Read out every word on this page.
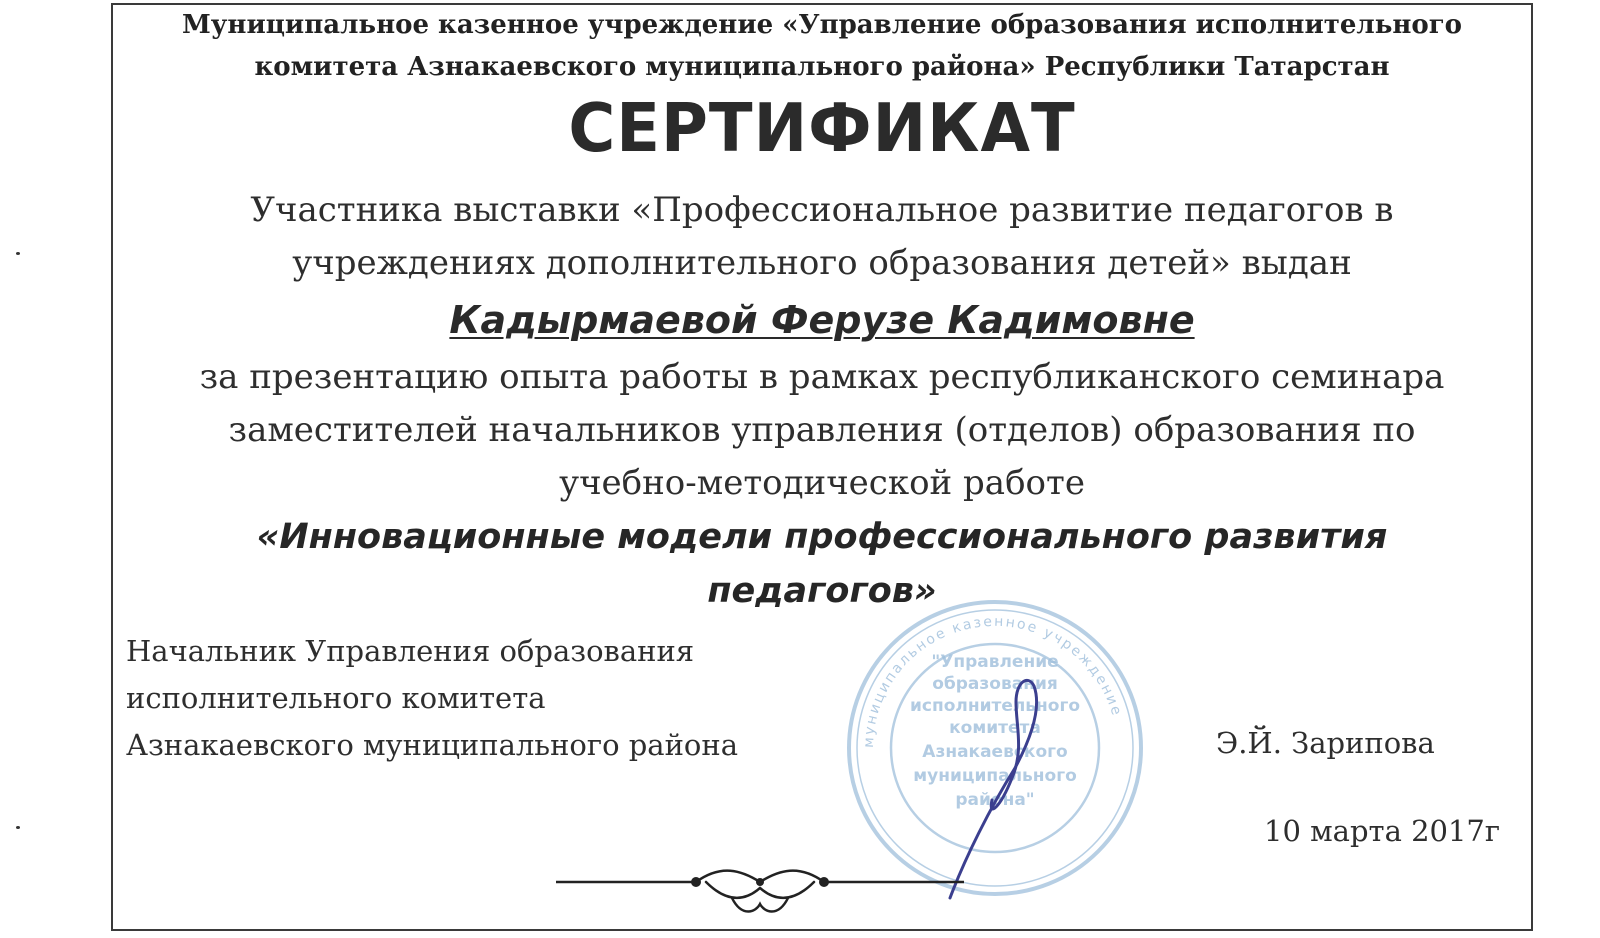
Муниципальное казенное учреждение «Управление образования исполнительного
комитета Азнакаевского муниципального района» Республики Татарстан
СЕРТИФИКАТ
Участника выставки «Профессиональное развитие педагогов в
учреждениях дополнительного образования детей» выдан
Кадырмаевой Ферузе Кадимовне
за презентацию опыта работы в рамках республиканского семинара
заместителей начальников управления (отделов) образования по
учебно-методической работе
«Инновационные модели профессионального развития
педагогов»
муниципальное казенное учреждение
"Управление
образования
исполнительного
комитета
Азнакаевского
муниципального
района"
Начальник Управления образования
исполнительного комитета
Азнакаевского муниципального района	Э.Й. Зарипова
10 марта 2017г
